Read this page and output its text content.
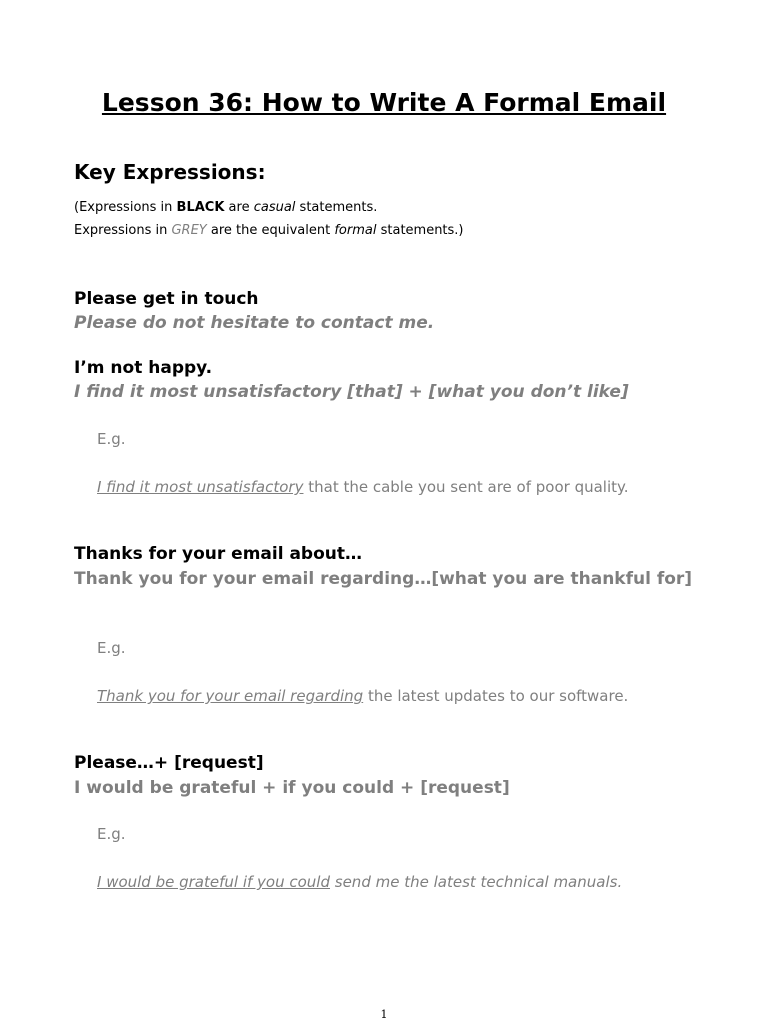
Lesson 36: How to Write A Formal Email
Key Expressions:
(Expressions in BLACK are casual statements.
Expressions in GREY are the equivalent formal statements.)
Please get in touch
Please do not hesitate to contact me.
I’m not happy.
I find it most unsatisfactory [that] + [what you don’t like]
E.g.
I find it most unsatisfactory that the cable you sent are of poor quality.
Thanks for your email about…
Thank you for your email regarding…[what you are thankful for]
E.g.
Thank you for your email regarding the latest updates to our software.
Please…+ [request]
I would be grateful + if you could + [request]
E.g.
I would be grateful if you could send me the latest technical manuals.
1
